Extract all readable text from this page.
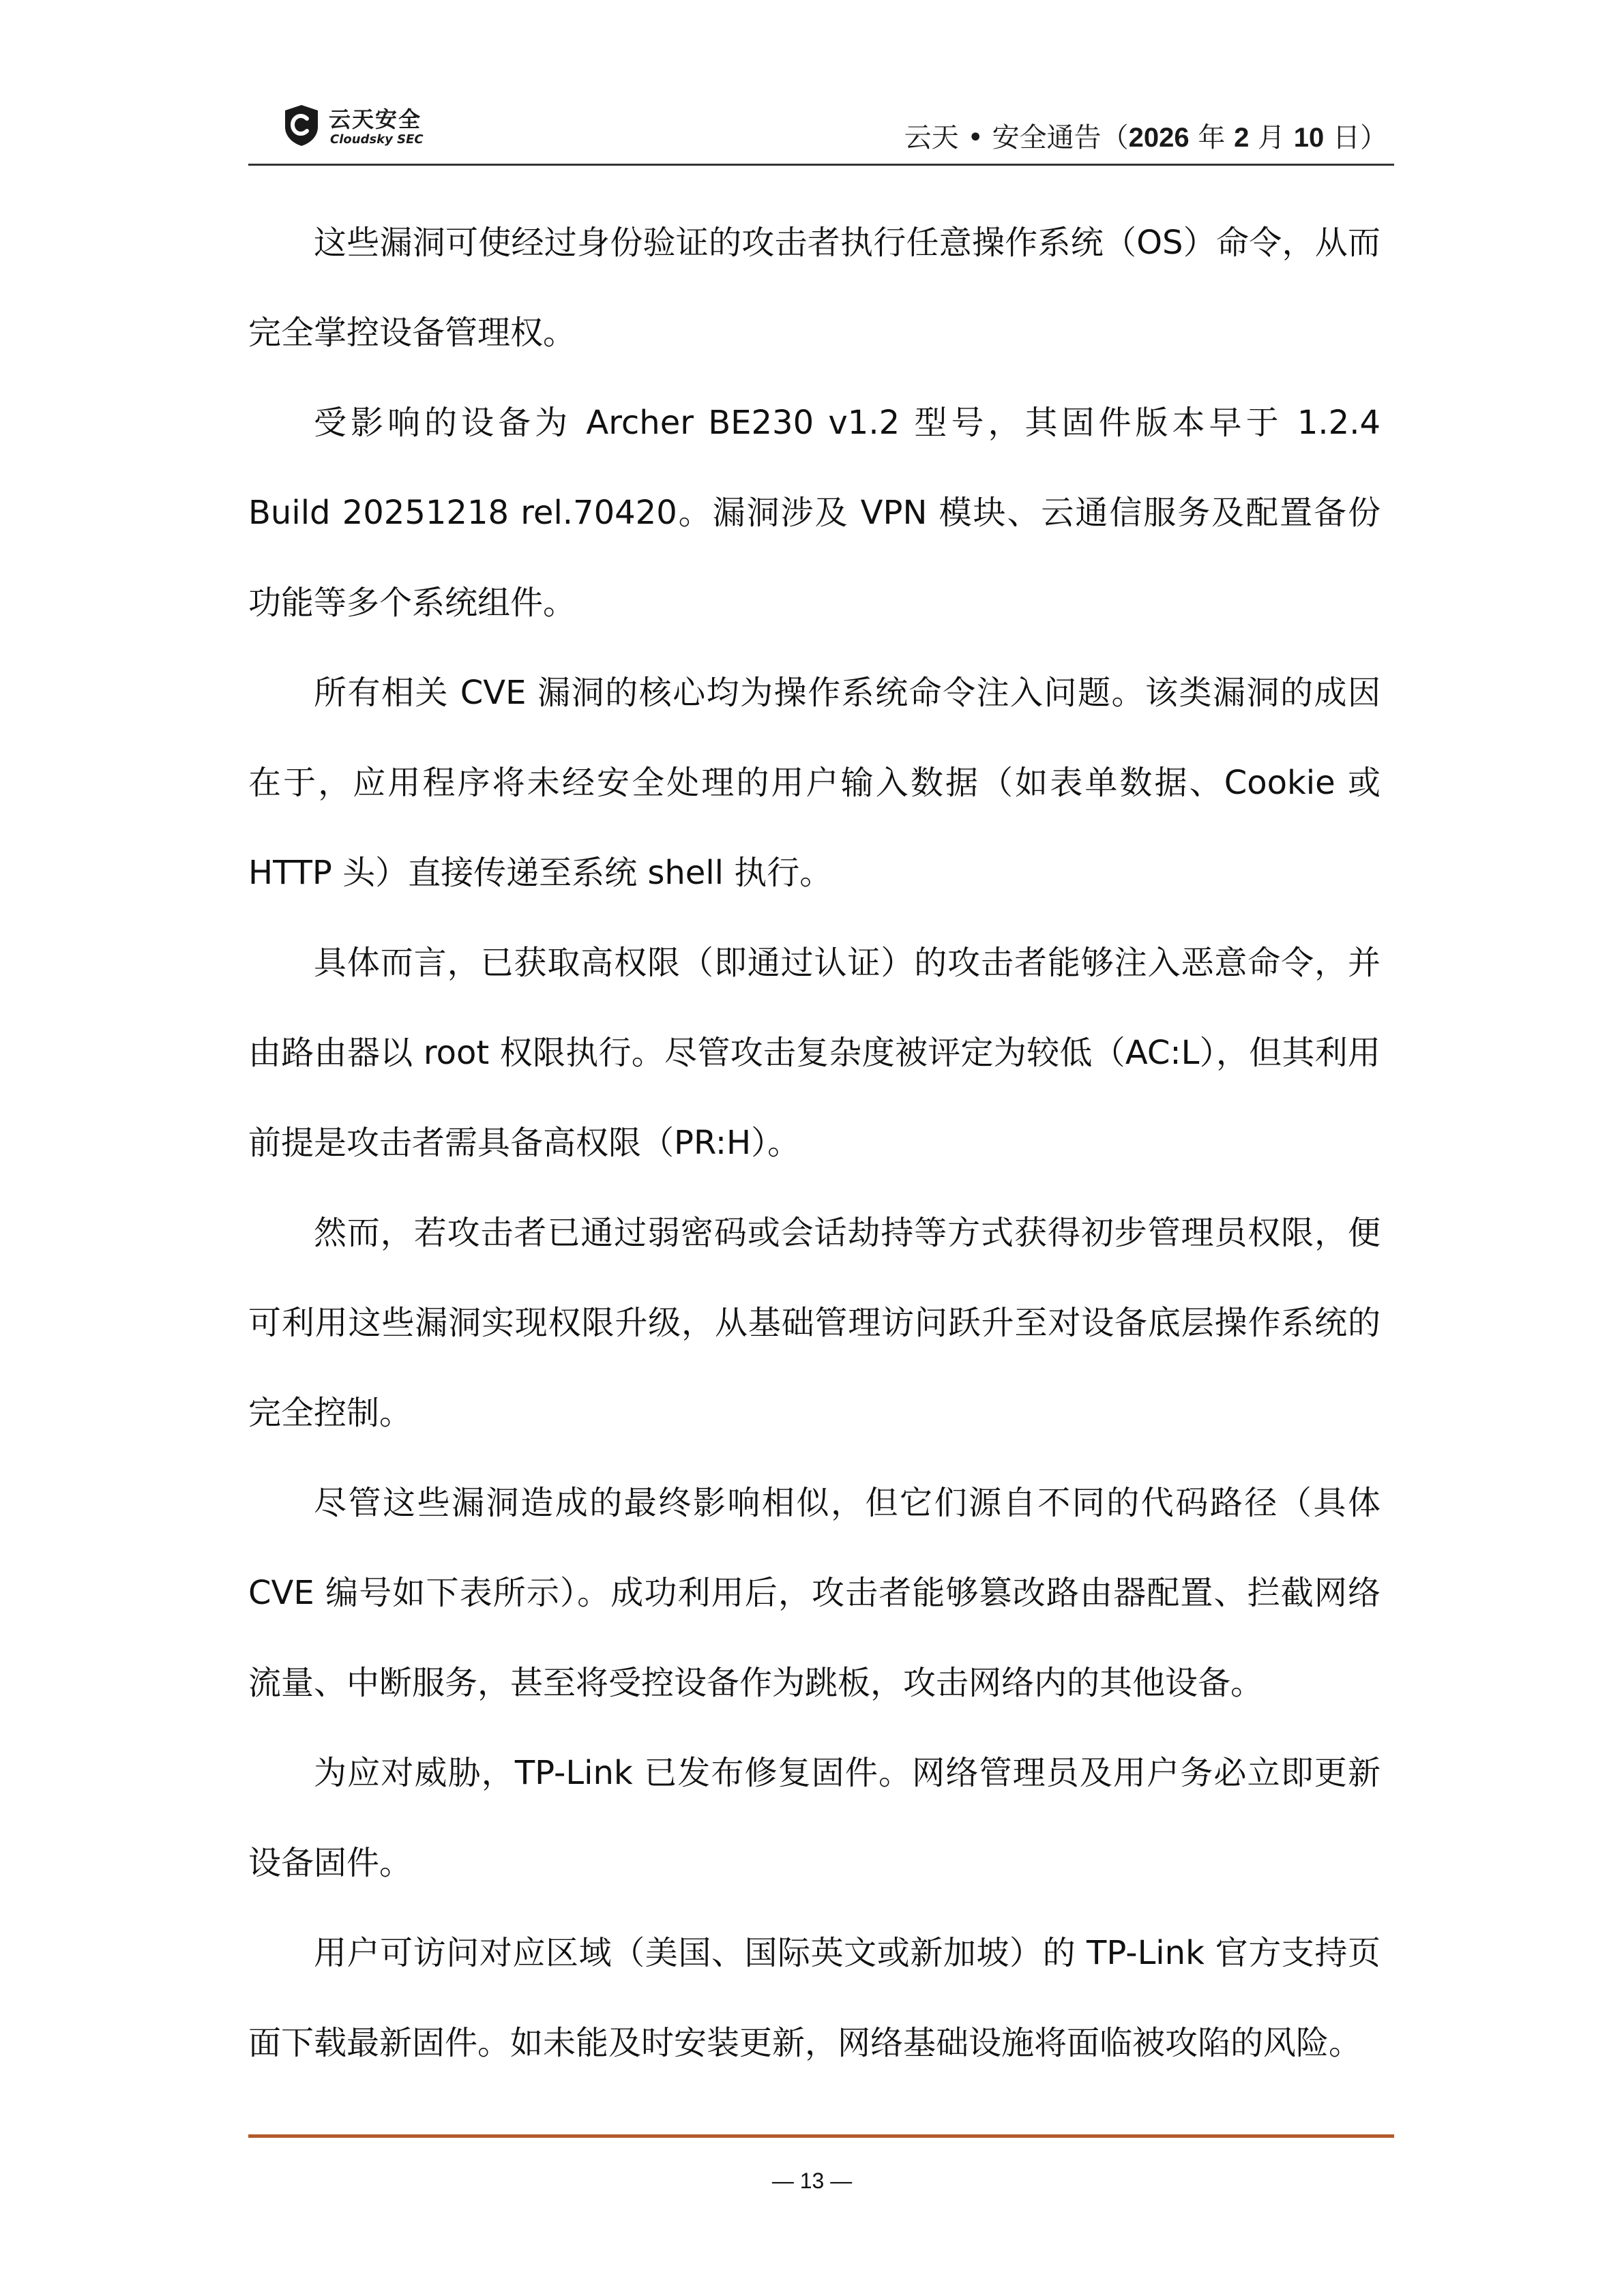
云天安全
Cloudsky SEC	云天 • 安全通告（2026 年 2 月 10 日）

这些漏洞可使经过身份验证的攻击者执行任意操作系统（OS）命令，从而完全掌控设备管理权。

受影响的设备为 Archer BE230 v1.2 型号，其固件版本早于 1.2.4 Build 20251218 rel.70420。漏洞涉及 VPN 模块、云通信服务及配置备份功能等多个系统组件。

所有相关 CVE 漏洞的核心均为操作系统命令注入问题。该类漏洞的成因在于，应用程序将未经安全处理的用户输入数据（如表单数据、Cookie 或 HTTP 头）直接传递至系统 shell 执行。

具体而言，已获取高权限（即通过认证）的攻击者能够注入恶意命令，并由路由器以 root 权限执行。尽管攻击复杂度被评定为较低（AC:L），但其利用前提是攻击者需具备高权限（PR:H）。

然而，若攻击者已通过弱密码或会话劫持等方式获得初步管理员权限，便可利用这些漏洞实现权限升级，从基础管理访问跃升至对设备底层操作系统的完全控制。

尽管这些漏洞造成的最终影响相似，但它们源自不同的代码路径（具体 CVE 编号如下表所示）。成功利用后，攻击者能够篡改路由器配置、拦截网络流量、中断服务，甚至将受控设备作为跳板，攻击网络内的其他设备。

为应对威胁，TP-Link 已发布修复固件。网络管理员及用户务必立即更新设备固件。

用户可访问对应区域（美国、国际英文或新加坡）的 TP-Link 官方支持页面下载最新固件。如未能及时安装更新，网络基础设施将面临被攻陷的风险。

— 13 —
